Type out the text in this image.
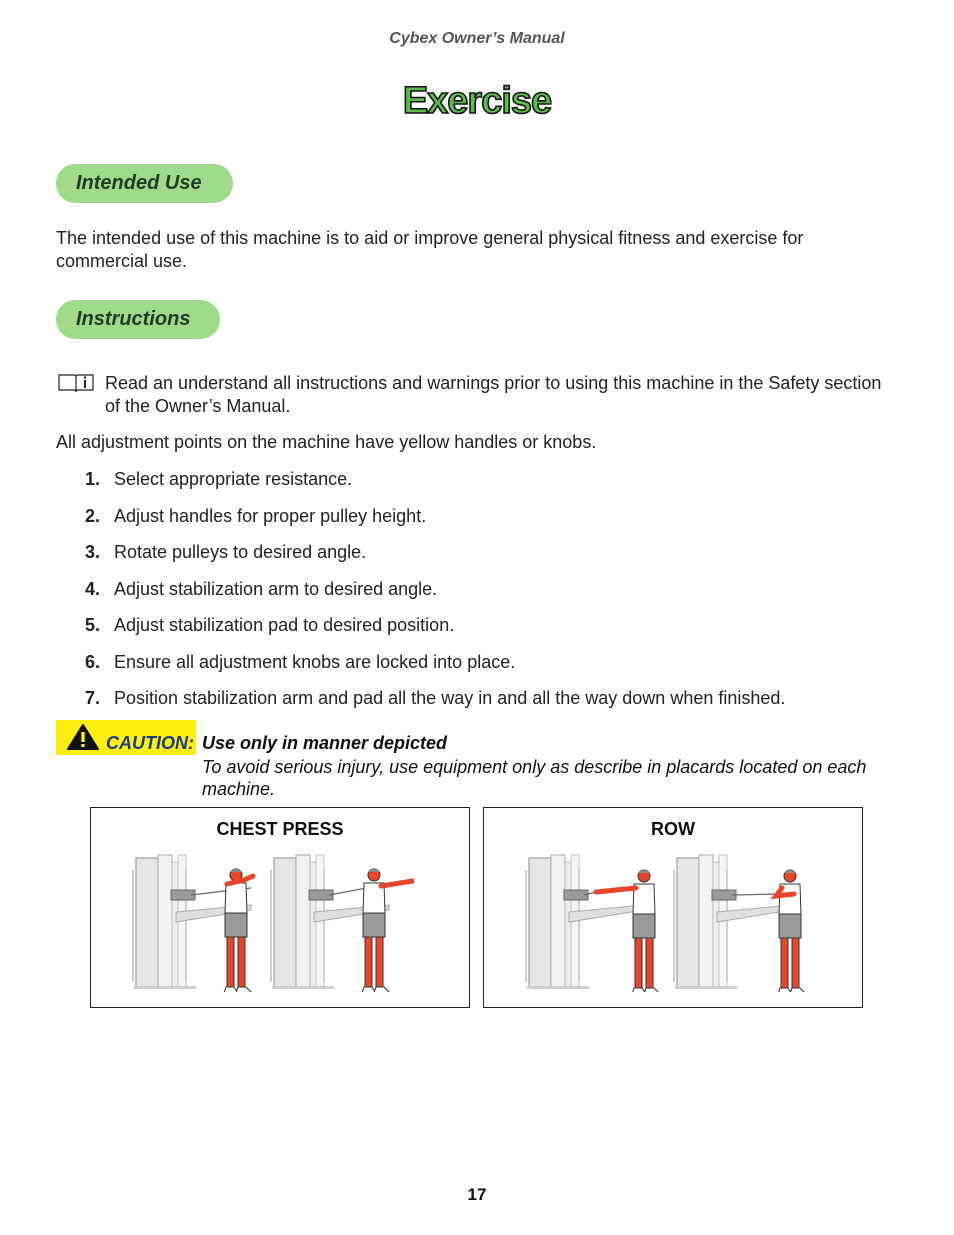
Cybex Owner’s Manual
Exercise
Intended Use
The intended use of this machine is to aid or improve general physical fitness and exercise for commercial use.
Instructions
Read an understand all instructions and warnings prior to using this machine in the Safety section of the Owner’s Manual.
All adjustment points on the machine have yellow handles or knobs.
1. Select appropriate resistance.
2. Adjust handles for proper pulley height.
3. Rotate pulleys to desired angle.
4. Adjust stabilization arm to desired angle.
5. Adjust stabilization pad to desired position.
6. Ensure all adjustment knobs are locked into place.
7. Position stabilization arm and pad all the way in and all the way down when finished.
CAUTION: Use only in manner depicted
To avoid serious injury, use equipment only as describe in placards located on each machine.
CHEST PRESS	ROW
17
